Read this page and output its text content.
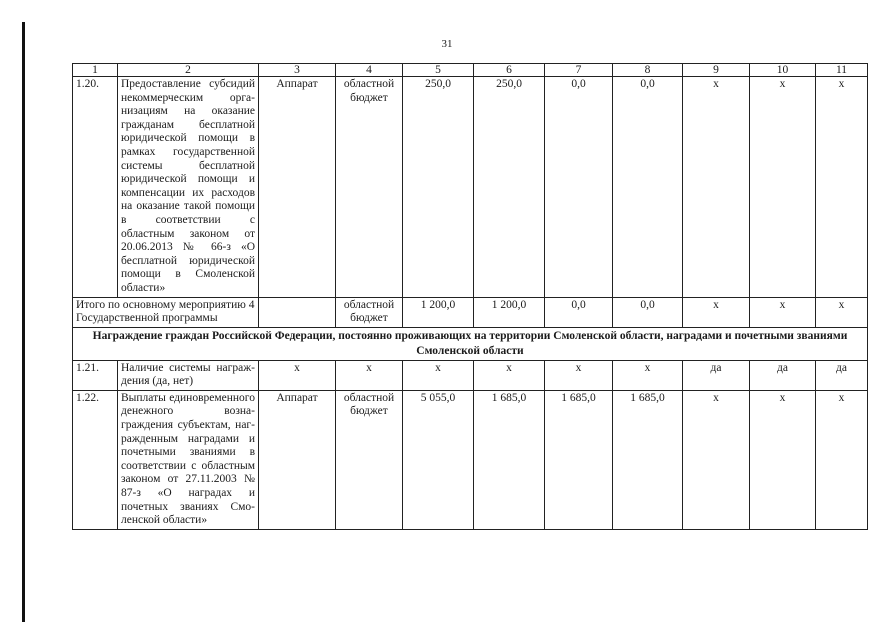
31
1	2	3	4	5	6	7	8	9	10	11
1.20.	Предоставление субсидий некоммерческим организациям на оказание гражданам бесплатной юридической помощи в рамках государственной системы бесплатной юридической помощи и компенсации их расходов на оказание такой помощи в соответствии с областным законом от 20.06.2013 № 66-з «О бесплатной юридической помощи в Смоленской области»	Аппарат	областной бюджет	250,0	250,0	0,0	0,0	х	х	х
Итого по основному мероприятию 4 Государственной программы			областной бюджет	1 200,0	1 200,0	0,0	0,0	х	х	х
Награждение граждан Российской Федерации, постоянно проживающих на территории Смоленской области, наградами и почетными званиями Смоленской области										
1.21.	Наличие системы награждения (да, нет)	х	х	х	х	х	х	да	да	да
1.22.	Выплаты единовременного денежного вознаграждения субъектам, награжденным наградами и почетными званиями в соответствии с областным законом от 27.11.2003 № 87-з «О наградах и почетных званиях Смоленской области»	Аппарат	областной бюджет	5 055,0	1 685,0	1 685,0	1 685,0	х	х	х
